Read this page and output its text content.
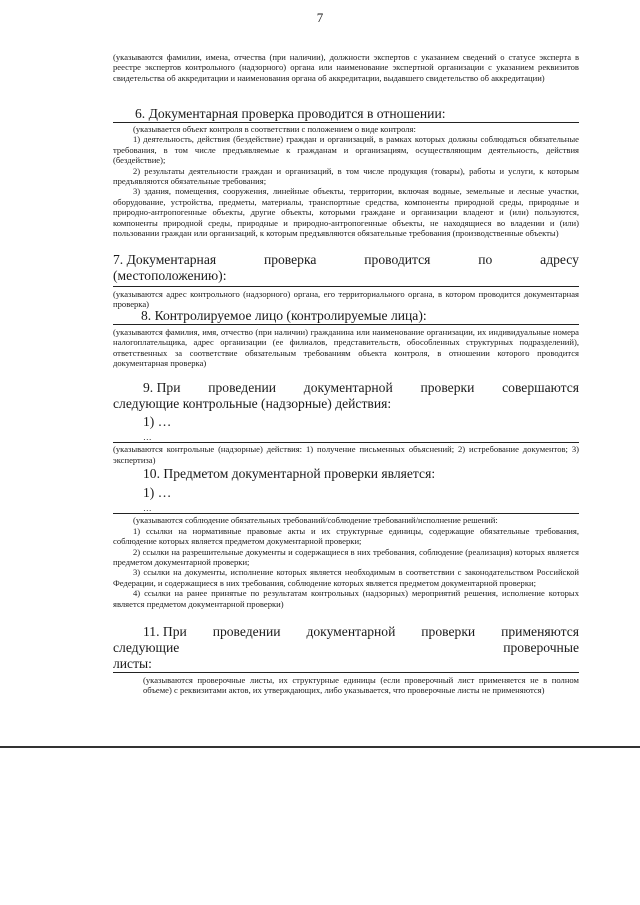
7
(указываются фамилии, имена, отчества (при наличии), должности экспертов с указанием сведений о статусе эксперта в реестре экспертов контрольного (надзорного) органа или наименование экспертной организации с указанием реквизитов свидетельства об аккредитации и наименования органа об аккредитации, выдавшего свидетельство об аккредитации)

6. Документарная проверка проводится в отношении:

(указывается объект контроля в соответствии с положением о виде контроля:

1) деятельность, действия (бездействие) граждан и организаций, в рамках которых должны соблюдаться обязательные требования, в том числе предъявляемые к гражданам и организациям, осуществляющим деятельность, действия (бездействие);

2) результаты деятельности граждан и организаций, в том числе продукция (товары), работы и услуги, к которым предъявляются обязательные требования;

3) здания, помещения, сооружения, линейные объекты, территории, включая водные, земельные и лесные участки, оборудование, устройства, предметы, материалы, транспортные средства, компоненты природной среды, природные и природно-антропогенные объекты, другие объекты, которыми граждане и организации владеют и (или) пользуются, компоненты природной среды, природные и природно-антропогенные объекты, не находящиеся во владении и (или) пользовании граждан или организаций, к которым предъявляются обязательные требования (производственные объекты)

7. Документарная	проверка	проводится	по	адресу

(местоположению):

(указываются адрес контрольного (надзорного) органа, его территориального органа, в котором проводится документарная проверка)

8. Контролируемое лицо (контролируемые лица):

(указываются фамилия, имя, отчество (при наличии) гражданина или наименование организации, их индивидуальные номера налогоплательщика, адрес организации (ее филиалов, представительств, обособленных структурных подразделений), ответственных за соответствие обязательным требованиям объекта контроля, в отношении которого проводится документарная проверка)
9. При проведении документарной проверки совершаются

следующие контрольные (надзорные) действия:

1) …

…

(указываются контрольные (надзорные) действия: 1) получение письменных объяснений; 2) истребование документов; 3) экспертиза)

10. Предметом документарной проверки является:

1) …

…

(указываются соблюдение обязательных требований/соблюдение требований/исполнение решений:

1) ссылки на нормативные правовые акты и их структурные единицы, содержащие обязательные требования, соблюдение которых является предметом документарной проверки;

2) ссылки на разрешительные документы и содержащиеся в них требования, соблюдение (реализация) которых является предметом документарной проверки;

3) ссылки на документы, исполнение которых является необходимым в соответствии с законодательством Российской Федерации, и содержащиеся в них требования, соблюдение которых является предметом документарной проверки;

4) ссылки на ранее принятые по результатам контрольных (надзорных) мероприятий решения, исполнение которых является предметом документарной проверки)

11. При проведении документарной проверки применяются
следующие	проверочные

листы:

(указываются проверочные листы, их структурные единицы (если проверочный лист применяется не в полном объеме) с реквизитами актов, их утверждающих, либо указывается, что проверочные листы не применяются)
